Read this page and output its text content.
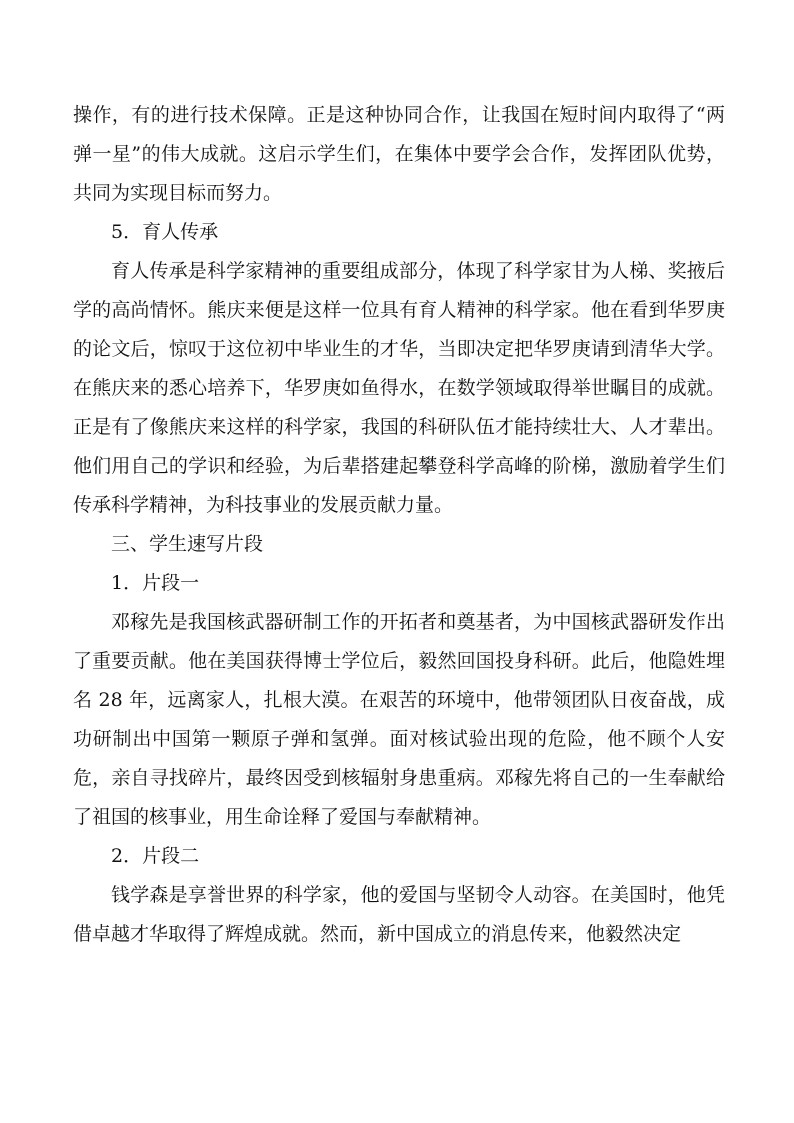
操作，有的进行技术保障。正是这种协同合作，让我国在短时间内取得了“两弹一星”的伟大成就。这启示学生们，在集体中要学会合作，发挥团队优势，共同为实现目标而努力。

5．育人传承

育人传承是科学家精神的重要组成部分，体现了科学家甘为人梯、奖掖后学的高尚情怀。熊庆来便是这样一位具有育人精神的科学家。他在看到华罗庚的论文后，惊叹于这位初中毕业生的才华，当即决定把华罗庚请到清华大学。在熊庆来的悉心培养下，华罗庚如鱼得水，在数学领域取得举世瞩目的成就。正是有了像熊庆来这样的科学家，我国的科研队伍才能持续壮大、人才辈出。他们用自己的学识和经验，为后辈搭建起攀登科学高峰的阶梯，激励着学生们传承科学精神，为科技事业的发展贡献力量。

三、学生速写片段

1．片段一

邓稼先是我国核武器研制工作的开拓者和奠基者，为中国核武器研发作出了重要贡献。他在美国获得博士学位后，毅然回国投身科研。此后，他隐姓埋名 28 年，远离家人，扎根大漠。在艰苦的环境中，他带领团队日夜奋战，成功研制出中国第一颗原子弹和氢弹。面对核试验出现的危险，他不顾个人安危，亲自寻找碎片，最终因受到核辐射身患重病。邓稼先将自己的一生奉献给了祖国的核事业，用生命诠释了爱国与奉献精神。

2．片段二

钱学森是享誉世界的科学家，他的爱国与坚韧令人动容。在美国时，他凭借卓越才华取得了辉煌成就。然而，新中国成立的消息传来，他毅然决定
